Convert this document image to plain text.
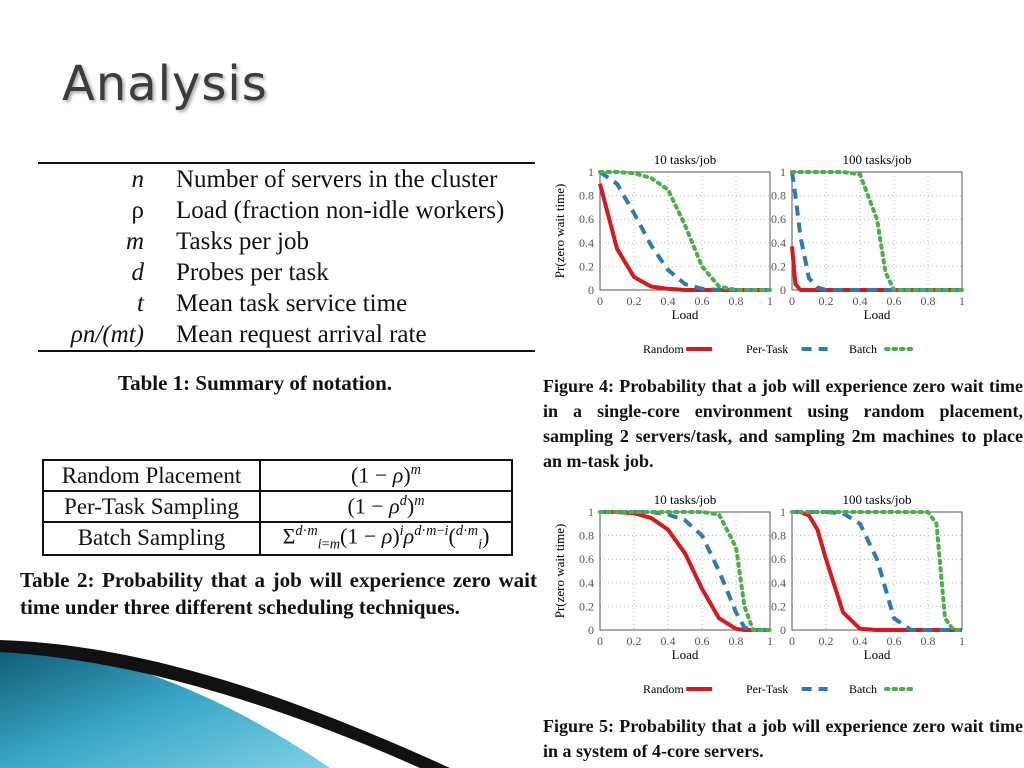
Analysis
n	Number of servers in the cluster
ρ	Load (fraction non-idle workers)
m	Tasks per job
d	Probes per task
t	Mean task service time
ρn/(mt)	Mean request arrival rate
Table 1: Summary of notation.
Random Placement	$(1 - \rho)^m$
Per-Task Sampling	$(1 - \rho^d)^m$
Batch Sampling	$\Sigma^{d\cdot m}_{i=m}(1 - \rho)^i\rho^{d\cdot m-i}(^{d\cdot m}_i)$
Table 2: Probability that a job will experience zero wait time under three different scheduling techniques.
10 tasks/job
0
0
0.2
0.2
0.4
0.4
0.6
0.6
0.8
0.8
1
1
Load
Pr(zero wait time)
100 tasks/job
0
0
0.2
0.2
0.4
0.4
0.6
0.6
0.8
0.8
1
1
Load
Random	Per-Task	Batch
Figure 4: Probability that a job will experience zero wait time in a single-core environment using random placement, sampling 2 servers/task, and sampling 2m machines to place an m-task job.
10 tasks/job
0
0
0.2
0.2
0.4
0.4
0.6
0.6
0.8
0.8
1
1
Load
Pr(zero wait time)
100 tasks/job
0
0
0.2
0.2
0.4
0.4
0.6
0.6
0.8
0.8
1
1
Load
Random	Per-Task	Batch
Figure 5: Probability that a job will experience zero wait time in a system of 4-core servers.
